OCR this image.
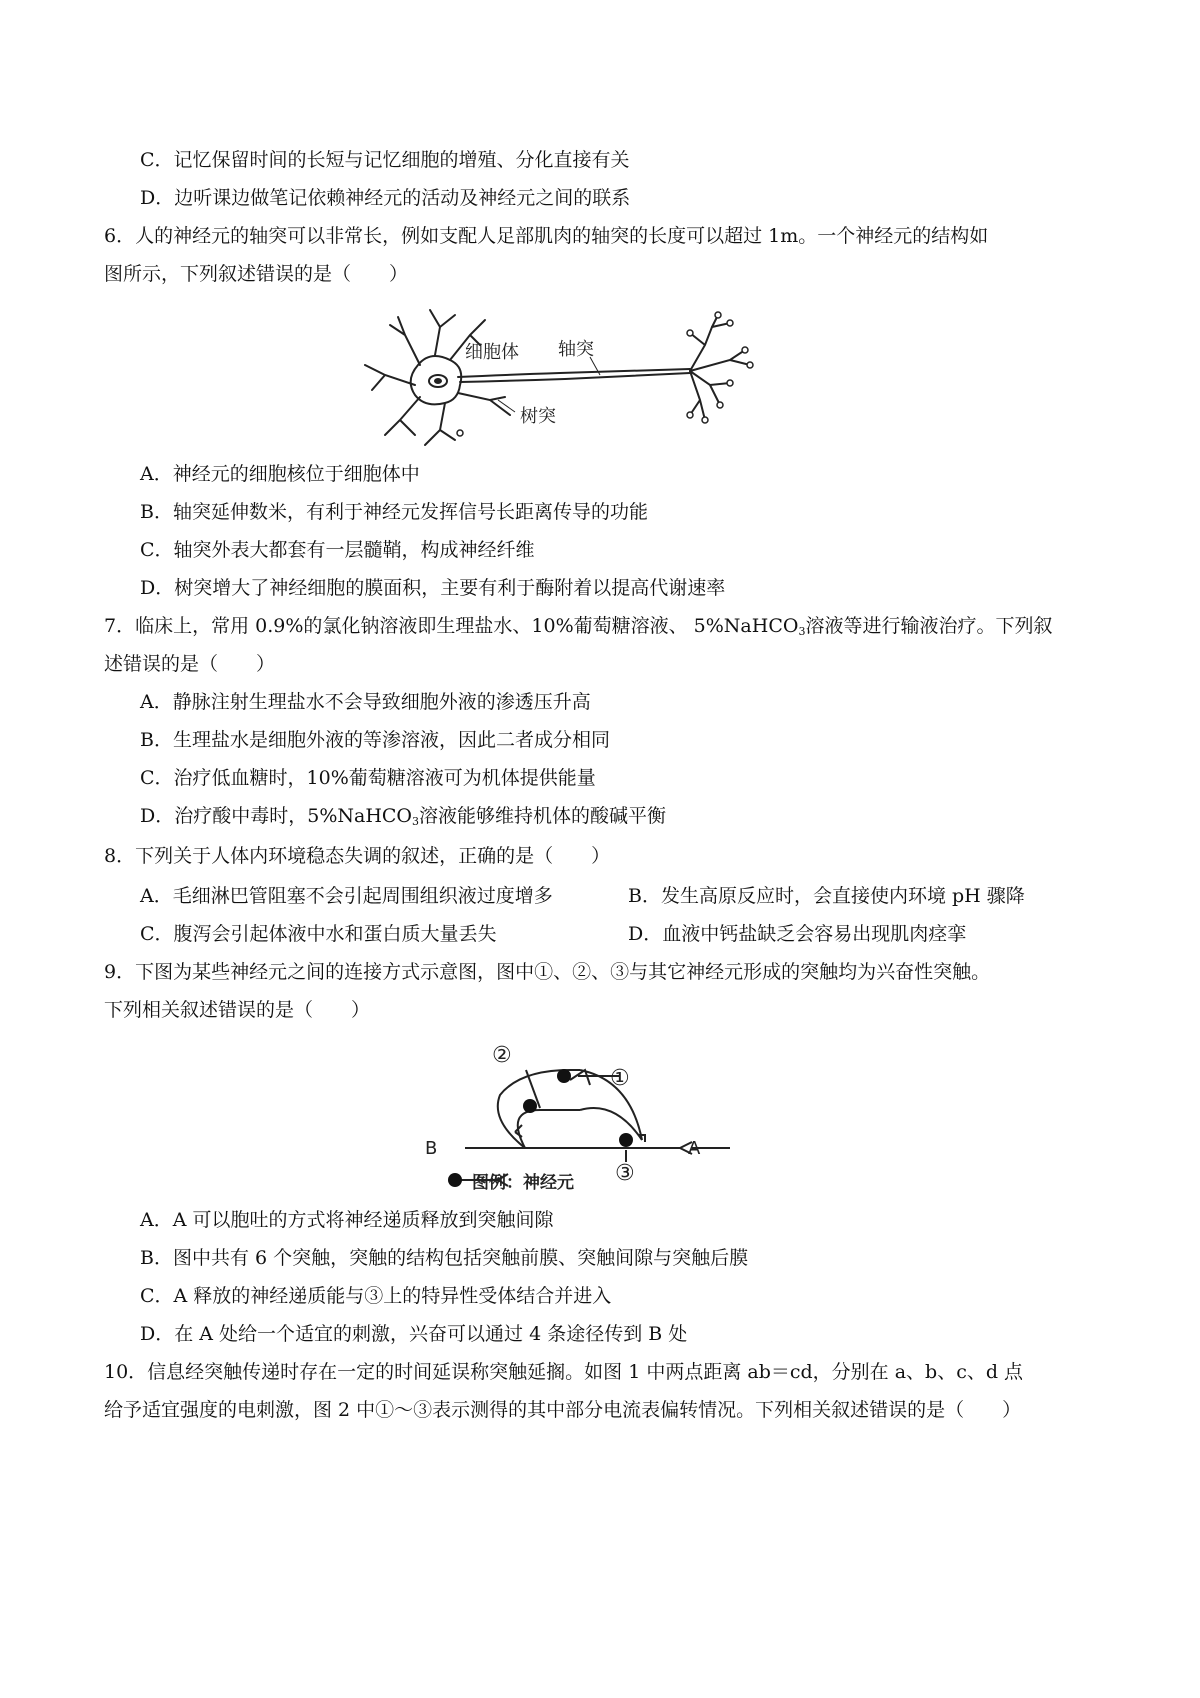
C．记忆保留时间的长短与记忆细胞的增殖、分化直接有关
D．边听课边做笔记依赖神经元的活动及神经元之间的联系
6．人的神经元的轴突可以非常长，例如支配人足部肌肉的轴突的长度可以超过 1m。一个神经元的结构如
图所示，下列叙述错误的是（　　）
细胞体 轴突
树突
A．神经元的细胞核位于细胞体中
B．轴突延伸数米，有利于神经元发挥信号长距离传导的功能
C．轴突外表大都套有一层髓鞘，构成神经纤维
D．树突增大了神经细胞的膜面积，主要有利于酶附着以提高代谢速率
7．临床上，常用 0.9%的氯化钠溶液即生理盐水、10%葡萄糖溶液、 5%NaHCO$_3$溶液等进行输液治疗。下列叙
述错误的是（　　）
A．静脉注射生理盐水不会导致细胞外液的渗透压升高
B．生理盐水是细胞外液的等渗溶液，因此二者成分相同
C．治疗低血糖时，10%葡萄糖溶液可为机体提供能量
D．治疗酸中毒时，5%NaHCO$_3$溶液能够维持机体的酸碱平衡
8．下列关于人体内环境稳态失调的叙述，正确的是（　　）
A．毛细淋巴管阻塞不会引起周围组织液过度增多	B．发生高原反应时，会直接使内环境 pH 骤降
C．腹泻会引起体液中水和蛋白质大量丢失	D．血液中钙盐缺乏会容易出现肌肉痉挛
9．下图为某些神经元之间的连接方式示意图，图中①、②、③与其它神经元形成的突触均为兴奋性突触。
下列相关叙述错误的是（　　）
②
①
③
B	A
图例：神经元
A．A 可以胞吐的方式将神经递质释放到突触间隙
B．图中共有 6 个突触，突触的结构包括突触前膜、突触间隙与突触后膜
C．A 释放的神经递质能与③上的特异性受体结合并进入
D．在 A 处给一个适宜的刺激，兴奋可以通过 4 条途径传到 B 处
10．信息经突触传递时存在一定的时间延误称突触延搁。如图 1 中两点距离 ab＝cd，分别在 a、b、c、d 点
给予适宜强度的电刺激，图 2 中①～③表示测得的其中部分电流表偏转情况。下列相关叙述错误的是（　　）
